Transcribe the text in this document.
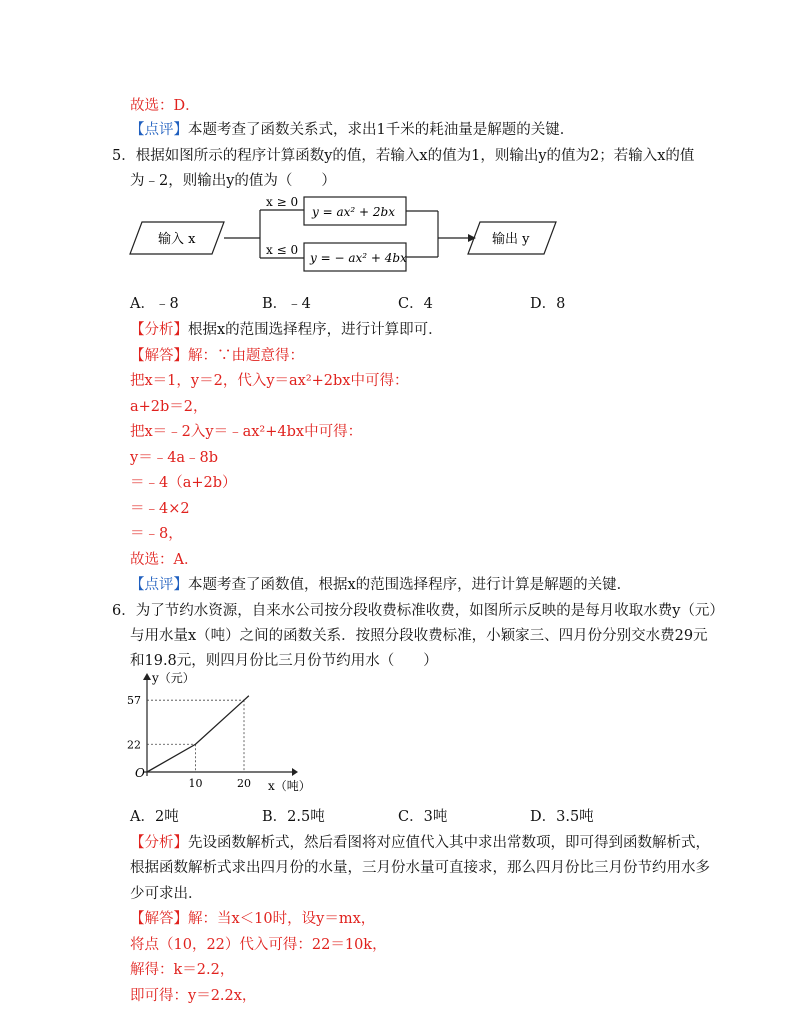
故选：D．
【点评】本题考查了函数关系式，求出1千米的耗油量是解题的关键．
5．根据如图所示的程序计算函数y的值，若输入x的值为1，则输出y的值为2；若输入x的值
为﹣2，则输出y的值为（　　）
输入 x
x ≥ 0
x ≤ 0
y = ax² + 2bx
y = − ax² + 4bx
输出 y
A．﹣8	B．﹣4	C．4	D．8
【分析】根据x的范围选择程序，进行计算即可．
【解答】解：∵由题意得：
把x＝1，y＝2，代入y＝ax²+2bx中可得：
a+2b＝2，
把x＝﹣2入y＝﹣ax²+4bx中可得：
y＝﹣4a﹣8b
＝﹣4（a+2b）
＝﹣4×2
＝﹣8，
故选：A．
【点评】本题考查了函数值，根据x的范围选择程序，进行计算是解题的关键．
6．为了节约水资源，自来水公司按分段收费标准收费，如图所示反映的是每月收取水费y（元）
与用水量x（吨）之间的函数关系．按照分段收费标准，小颖家三、四月份分别交水费29元
和19.8元，则四月份比三月份节约用水（　　）
y（元）
x（吨）
O
22
57
10	20
A．2吨	B．2.5吨	C．3吨	D．3.5吨
【分析】先设函数解析式，然后看图将对应值代入其中求出常数项，即可得到函数解析式，
根据函数解析式求出四月份的水量，三月份水量可直接求，那么四月份比三月份节约用水多
少可求出．
【解答】解：当x＜10时，设y＝mx，
将点（10，22）代入可得：22＝10k，
解得：k＝2.2，
即可得：y＝2.2x，
